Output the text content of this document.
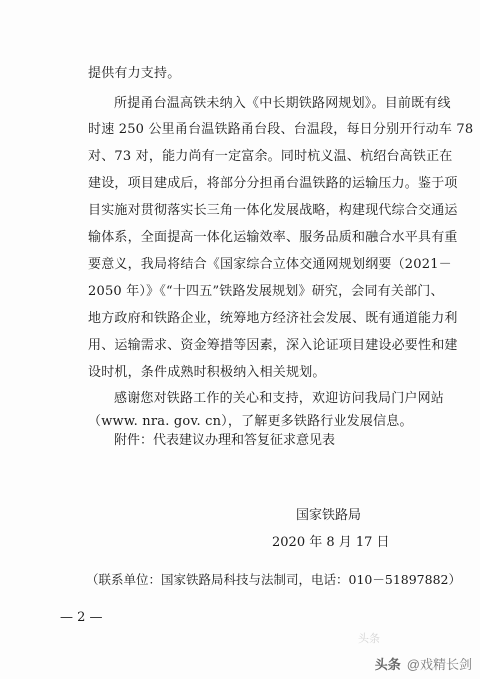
提供有力支持。
所提甬台温高铁未纳入《中长期铁路网规划》。目前既有线
时速 250 公里甬台温铁路甬台段、台温段，每日分别开行动车 78
对、73 对，能力尚有一定富余。同时杭义温、杭绍台高铁正在
建设，项目建成后，将部分分担甬台温铁路的运输压力。鉴于项
目实施对贯彻落实长三角一体化发展战略，构建现代综合交通运
输体系，全面提高一体化运输效率、服务品质和融合水平具有重
要意义，我局将结合《国家综合立体交通网规划纲要（2021－
2050 年）》《“十四五”铁路发展规划》研究，会同有关部门、
地方政府和铁路企业，统筹地方经济社会发展、既有通道能力利
用、运输需求、资金筹措等因素，深入论证项目建设必要性和建
设时机，条件成熟时积极纳入相关规划。
感谢您对铁路工作的关心和支持，欢迎访问我局门户网站
（www. nra. gov. cn），了解更多铁路行业发展信息。
附件：代表建议办理和答复征求意见表
国家铁路局
2020 年 8 月 17 日
（联系单位：国家铁路局科技与法制司，电话：010－51897882）
— 2 —
头条
头条 @戏精长剑
